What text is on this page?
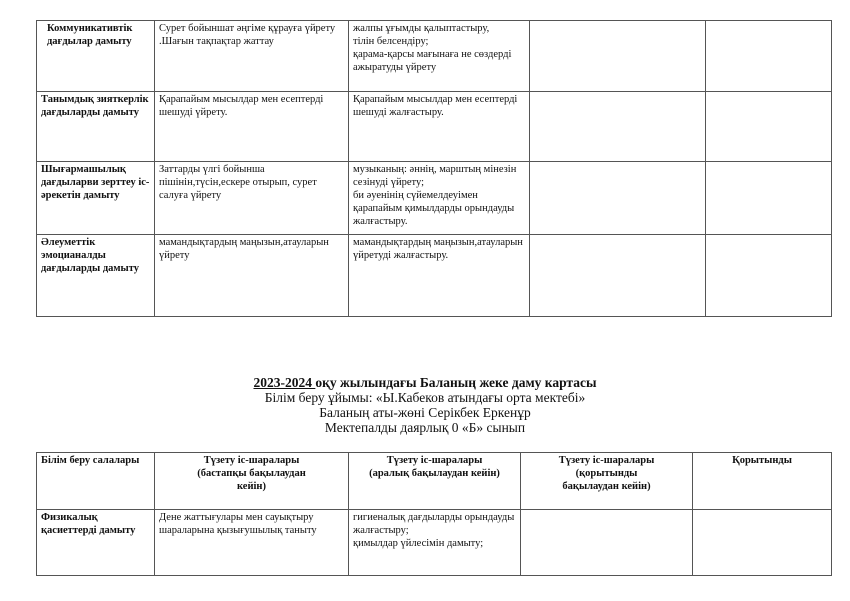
Коммуникативтік дағдылар дамыту	Сурет бойыншат әңгіме құрауға үйрету .Шағын тақпақтар жаттау	жалпы ұғымды қалыптастыру,
тілін белсендіру;
қарама-қарсы мағынаға не сөздерді ажыратуды үйрету		
Танымдық зияткерлік дағдыларды дамыту	Қарапайым мысылдар мен есептерді шешуді үйрету.	Қарапайым мысылдар мен есептерді шешуді жалғастыру.		
Шығармашылық дағдыларви зерттеу іс-әрекетін дамыту	Заттарды үлгі бойынша пішінін,түсін,ескере отырып, сурет салуға үйрету	музыканың: әннің, марштың мінезін сезінуді үйрету;
би әуенінің сүйемелдеуімен қарапайым қимылдарды орындауды жалғастыру.		
Әлеуметтік эмоцианалды дағдыларды дамыту	мамандықтардың маңызын,атауларын үйрету	мамандықтардың маңызын,атауларын үйретуді жалғастыру.		
2023-2024 оқу жылындағы Баланың жеке даму картасы
Білім беру ұйымы: «Ы.Кабеков атындағы орта мектебі»
Баланың аты-жөні Серікбек Еркенұр
Мектепалды даярлық 0 «Б» сынып
Білім беру салалары	Түзету іс-шаралары
(бастапқы бақылаудан
кейін)	Түзету іс-шаралары
(аралық бақылаудан кейін)	Түзету іс-шаралары
(қорытынды
бақылаудан кейін)	Қорытынды
Физикалық қасиеттерді дамыту	Дене жаттығулары мен сауықтыру шараларына қызығушылық таныту	гигиеналық дағдыларды орындауды жалғастыру;
қимылдар үйлесімін дамыту;		
